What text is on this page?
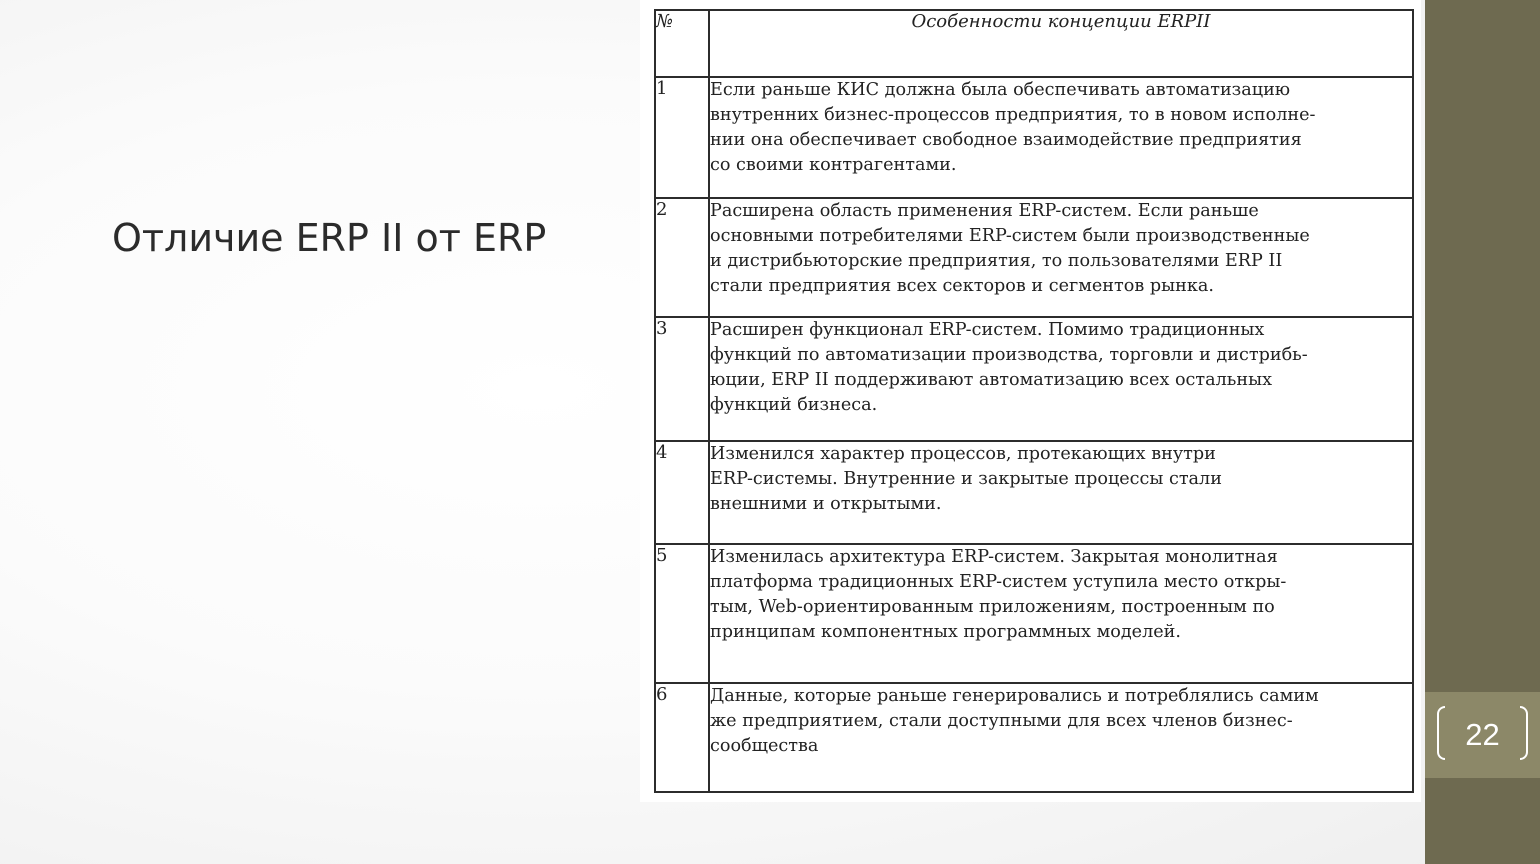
22
Отличие ERP II от ERP
№	Особенности концепции ERPII
1	Если раньше КИС должна была обеспечивать автоматизацию
внутренних бизнес-процессов предприятия, то в новом исполне-
нии она обеспечивает свободное взаимодействие предприятия
со своими контрагентами.
2	Расширена область применения ERP-систем. Если раньше
основными потребителями ERP-систем были производственные
и дистрибьюторские предприятия, то пользователями ERP II
стали предприятия всех секторов и сегментов рынка.
3	Расширен функционал ERP-систем. Помимо традиционных
функций по автоматизации производства, торговли и дистрибь-
юции, ERP II поддерживают автоматизацию всех остальных
функций бизнеса.
4	Изменился характер процессов, протекающих внутри
ERP-системы. Внутренние и закрытые процессы стали
внешними и открытыми.
5	Изменилась архитектура ERP-систем. Закрытая монолитная
платформа традиционных ERP-систем уступила место откры-
тым, Web-ориентированным приложениям, построенным по
принципам компонентных программных моделей.
6	Данные, которые раньше генерировались и потреблялись самим
же предприятием, стали доступными для всех членов бизнес-
сообщества
